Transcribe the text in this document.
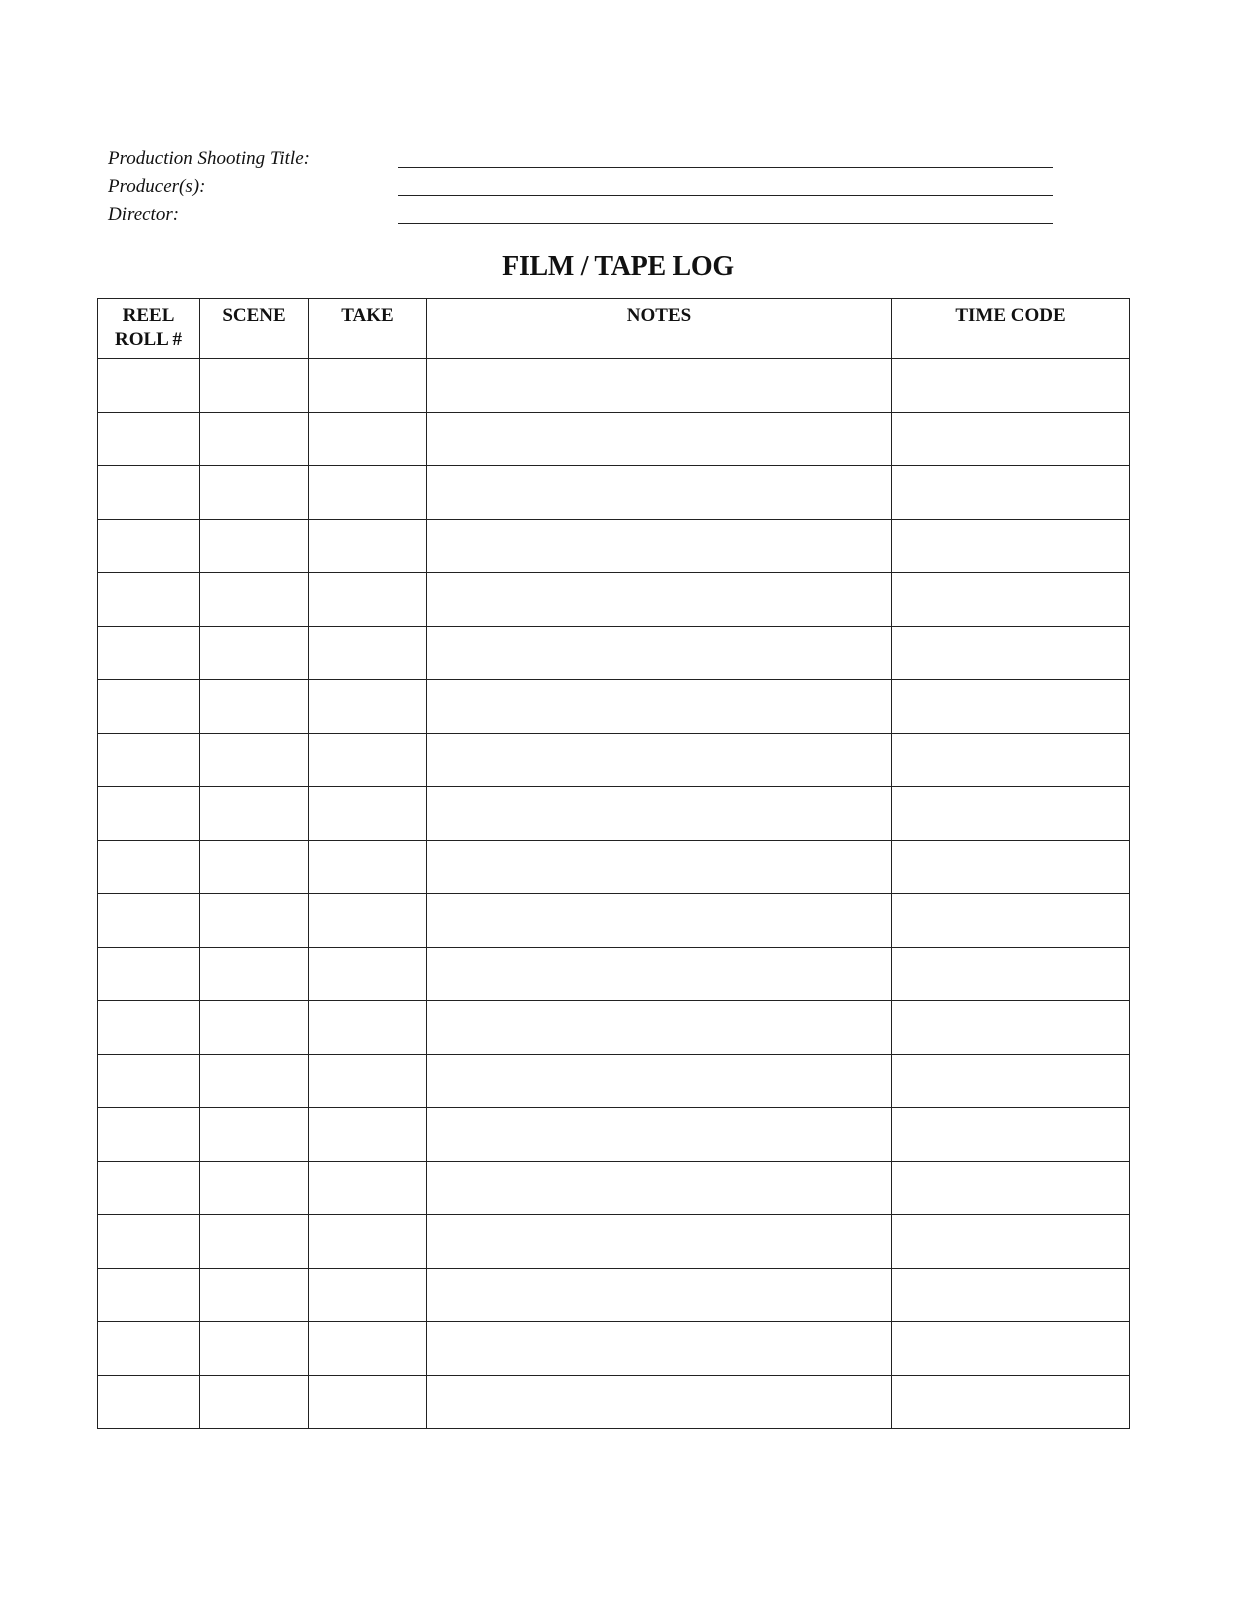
Production Shooting Title:
Producer(s):
Director:
FILM / TAPE LOG
REEL
ROLL #	SCENE	TAKE	NOTES	TIME CODE
